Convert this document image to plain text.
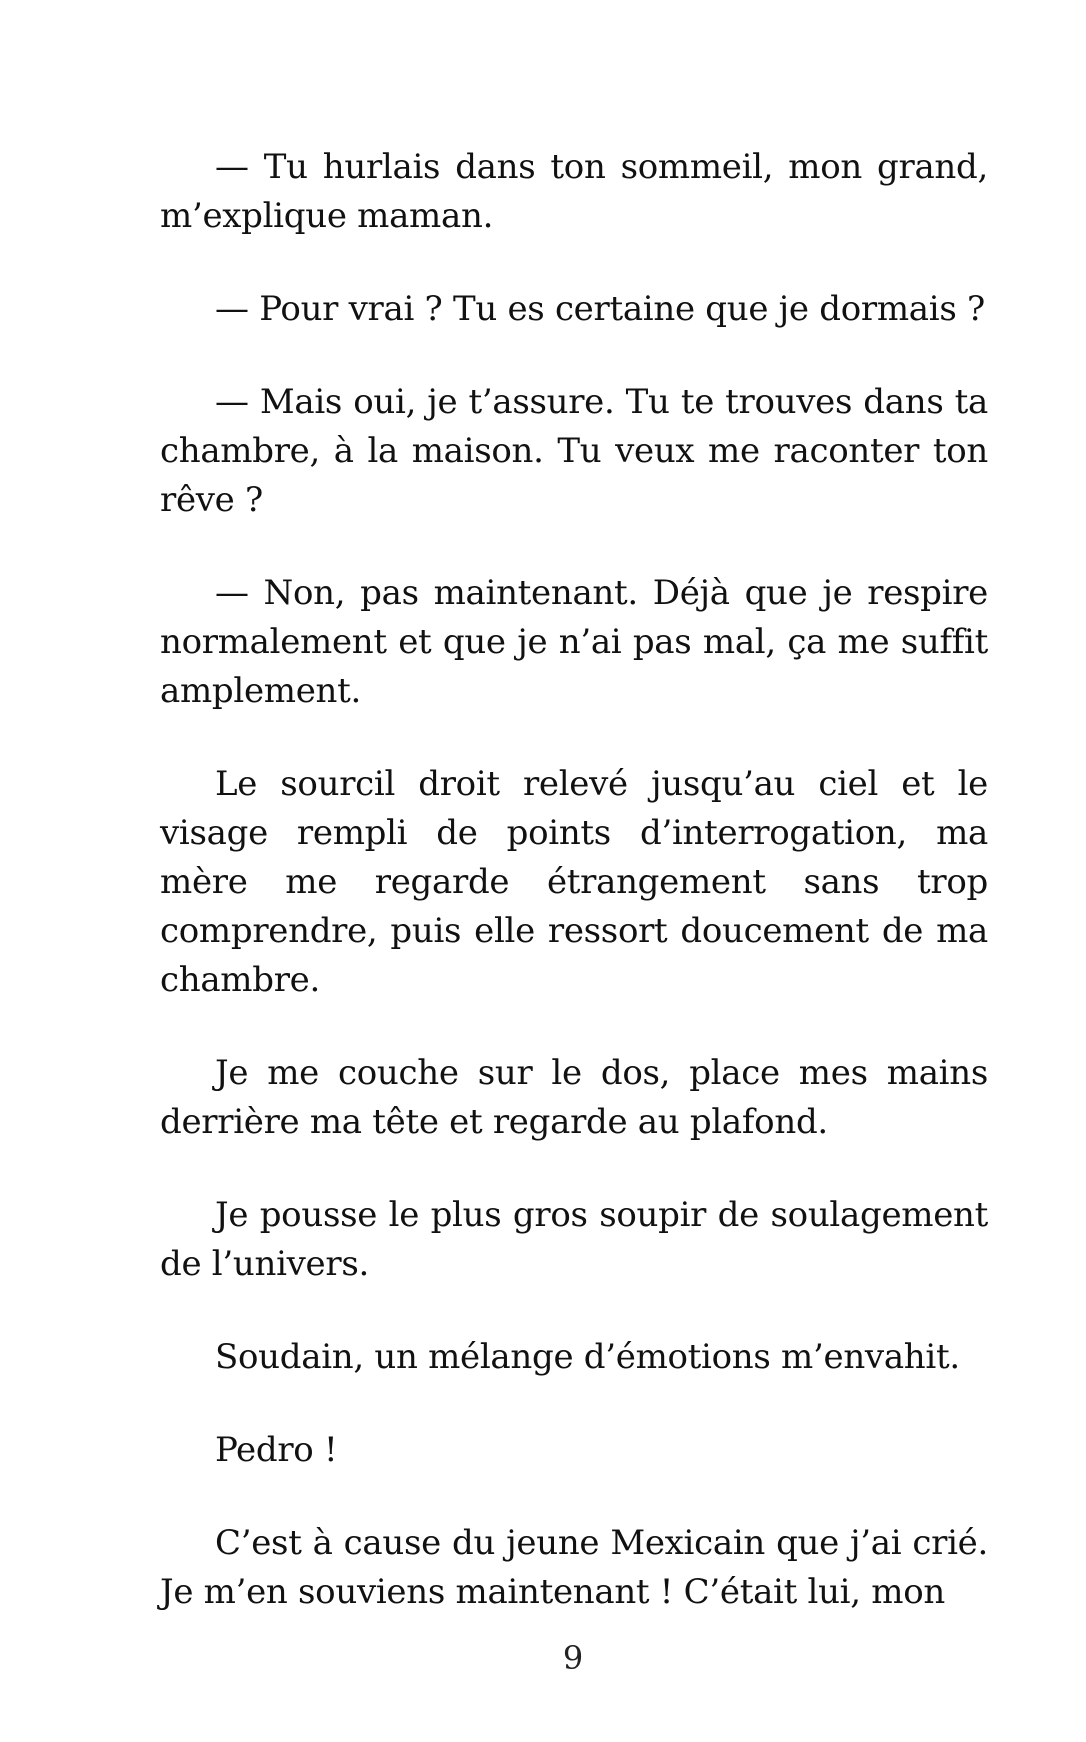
— Tu hurlais dans ton sommeil, mon grand, m’explique maman.

— Pour vrai ? Tu es certaine que je dormais ?

— Mais oui, je t’assure. Tu te trouves dans ta chambre, à la maison. Tu veux me raconter ton rêve ?

— Non, pas maintenant. Déjà que je respire normalement et que je n’ai pas mal, ça me suffit amplement.

Le sourcil droit relevé jusqu’au ciel et le visage rempli de points d’interrogation, ma mère me regarde étrangement sans trop comprendre, puis elle ressort doucement de ma chambre.

Je me couche sur le dos, place mes mains derrière ma tête et regarde au plafond.

Je pousse le plus gros soupir de soulagement de l’univers.

Soudain, un mélange d’émotions m’envahit.

Pedro !

C’est à cause du jeune Mexicain que j’ai crié. Je m’en souviens maintenant ! C’était lui, mon

9
